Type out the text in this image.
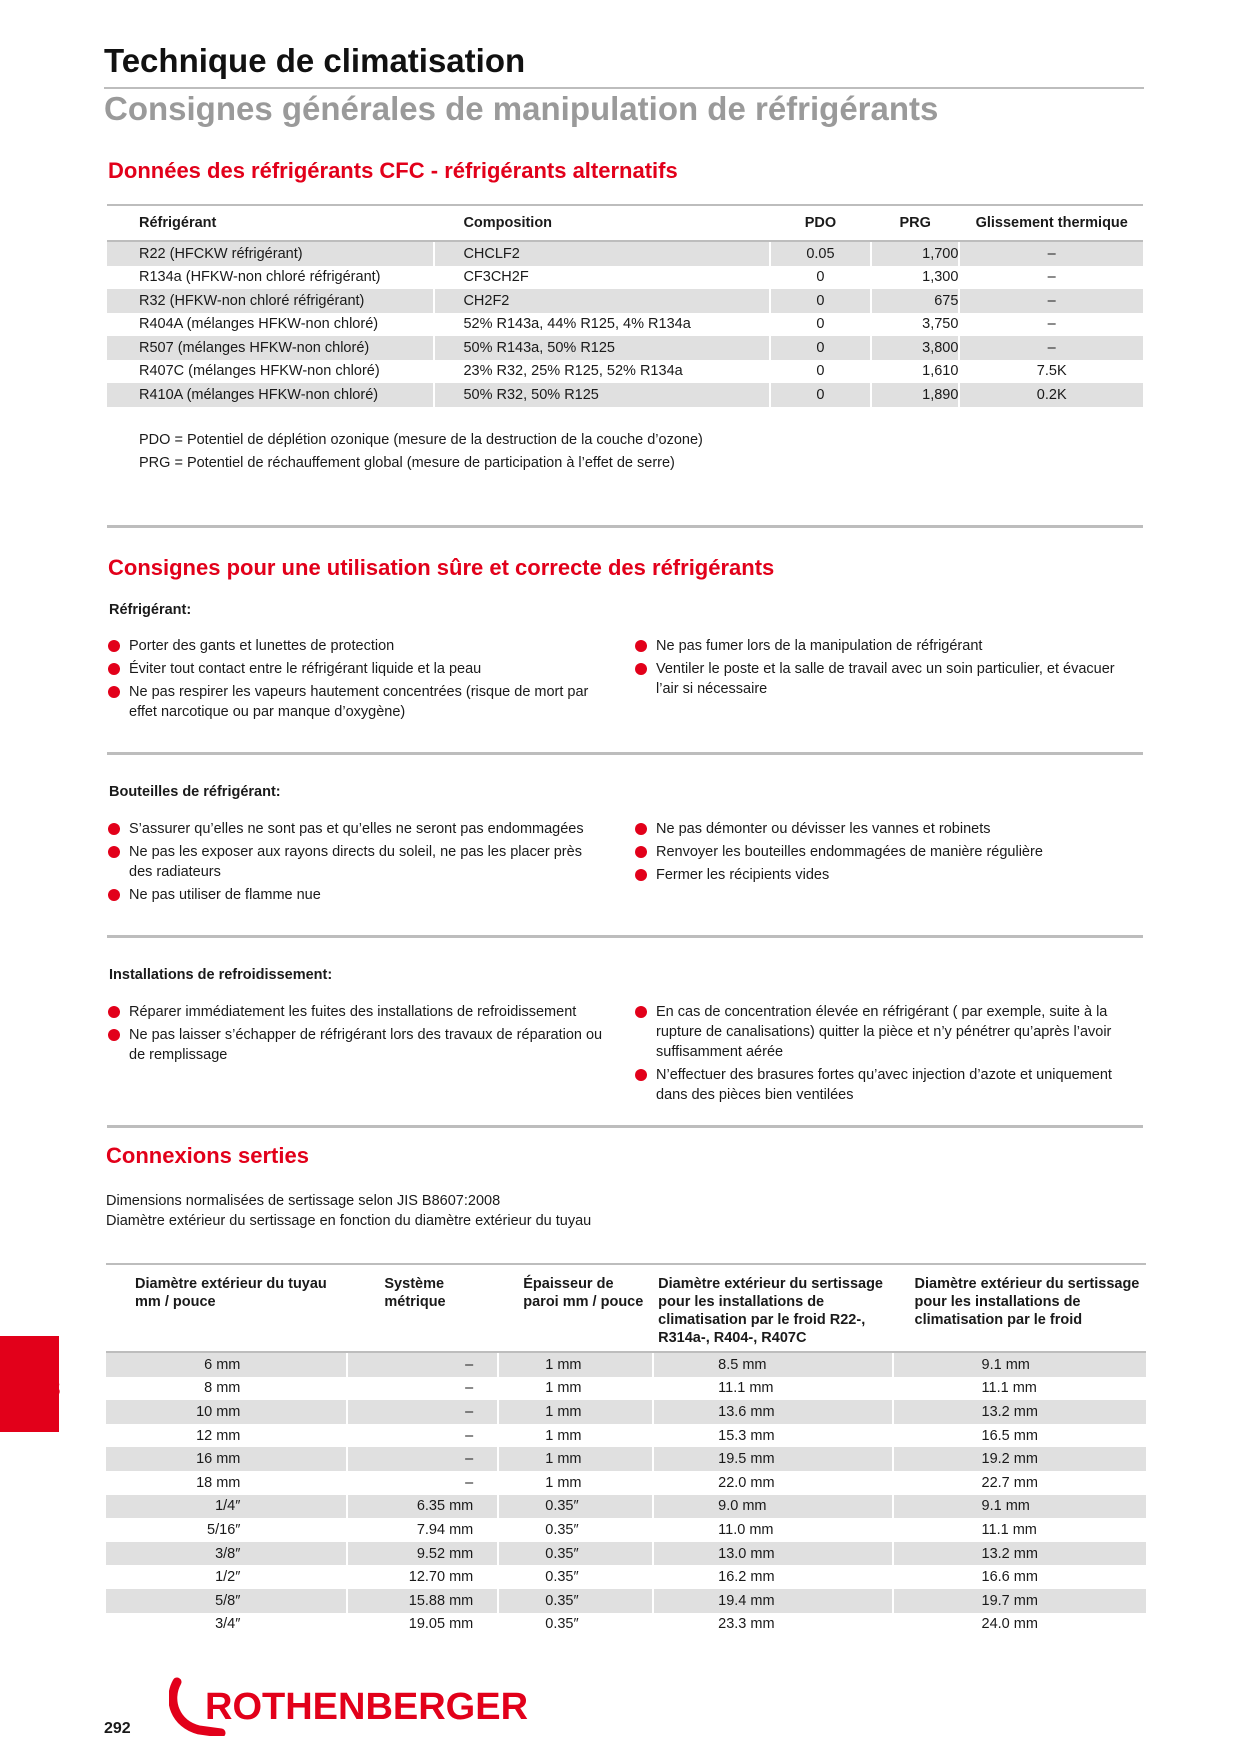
Technique de climatisation
Consignes générales de manipulation de réfrigérants
Données des réfrigérants CFC - réfrigérants alternatifs
Réfrigérant	Composition	PDO	PRG	Glissement thermique
R22 (HFCKW réfrigérant)	CHCLF2	0.05	1,700	–
R134a (HFKW-non chloré réfrigérant)	CF3CH2F	0	1,300	–
R32 (HFKW-non chloré réfrigérant)	CH2F2	0	675	–
R404A (mélanges HFKW-non chloré)	52% R143a, 44% R125, 4% R134a	0	3,750	–
R507 (mélanges HFKW-non chloré)	50% R143a, 50% R125	0	3,800	–
R407C (mélanges HFKW-non chloré)	23% R32, 25% R125, 52% R134a	0	1,610	7.5K
R410A (mélanges HFKW-non chloré)	50% R32, 50% R125	0	1,890	0.2K
PDO = Potentiel de déplétion ozonique (mesure de la destruction de la couche d’ozone)
PRG = Potentiel de réchauffement global (mesure de participation à l’effet de serre)
Consignes pour une utilisation sûre et correcte des réfrigérants
Réfrigérant:
Porter des gants et lunettes de protection
Éviter tout contact entre le réfrigérant liquide et la peau
Ne pas respirer les vapeurs hautement concentrées (risque de mort par effet narcotique ou par manque d’oxygène)
Ne pas fumer lors de la manipulation de réfrigérant
Ventiler le poste et la salle de travail avec un soin particulier, et évacuer l’air si nécessaire
Bouteilles de réfrigérant:
S’assurer qu’elles ne sont pas et qu’elles ne seront pas endommagées
Ne pas les exposer aux rayons directs du soleil, ne pas les placer près des radiateurs
Ne pas utiliser de flamme nue
Ne pas démonter ou dévisser les vannes et robinets
Renvoyer les bouteilles endommagées de manière régulière
Fermer les récipients vides
Installations de refroidissement:
Réparer immédiatement les fuites des installations de refroidissement
Ne pas laisser s’échapper de réfrigérant lors des travaux de réparation ou de remplissage
En cas de concentration élevée en réfrigérant ( par exemple, suite à la rupture de canalisations) quitter la pièce et n’y pénétrer qu’après l’avoir suffisamment aérée
N’effectuer des brasures fortes qu’avec injection d’azote et uniquement dans des pièces bien ventilées
Connexions serties
Dimensions normalisées de sertissage selon JIS B8607:2008
Diamètre extérieur du sertissage en fonction du diamètre extérieur du tuyau
Diamètre extérieur du tuyau mm / pouce	Système métrique	Épaisseur de paroi mm / pouce	Diamètre extérieur du sertissage pour les installations de climatisation par le froid R22-, R314a-, R404-, R407C	Diamètre extérieur du sertissage pour les installations de climatisation par le froid
6 mm	–	1 mm	8.5 mm	9.1 mm
8 mm	–	1 mm	11.1 mm	11.1 mm
10 mm	–	1 mm	13.6 mm	13.2 mm
12 mm	–	1 mm	15.3 mm	16.5 mm
16 mm	–	1 mm	19.5 mm	19.2 mm
18 mm	–	1 mm	22.0 mm	22.7 mm
1/4″	6.35 mm	0.35″	9.0 mm	9.1 mm
5/16″	7.94 mm	0.35″	11.0 mm	11.1 mm
3/8″	9.52 mm	0.35″	13.0 mm	13.2 mm
1/2″	12.70 mm	0.35″	16.2 mm	16.6 mm
5/8″	15.88 mm	0.35″	19.4 mm	19.7 mm
3/4″	19.05 mm	0.35″	23.3 mm	24.0 mm
13
292
ROTHENBERGER
